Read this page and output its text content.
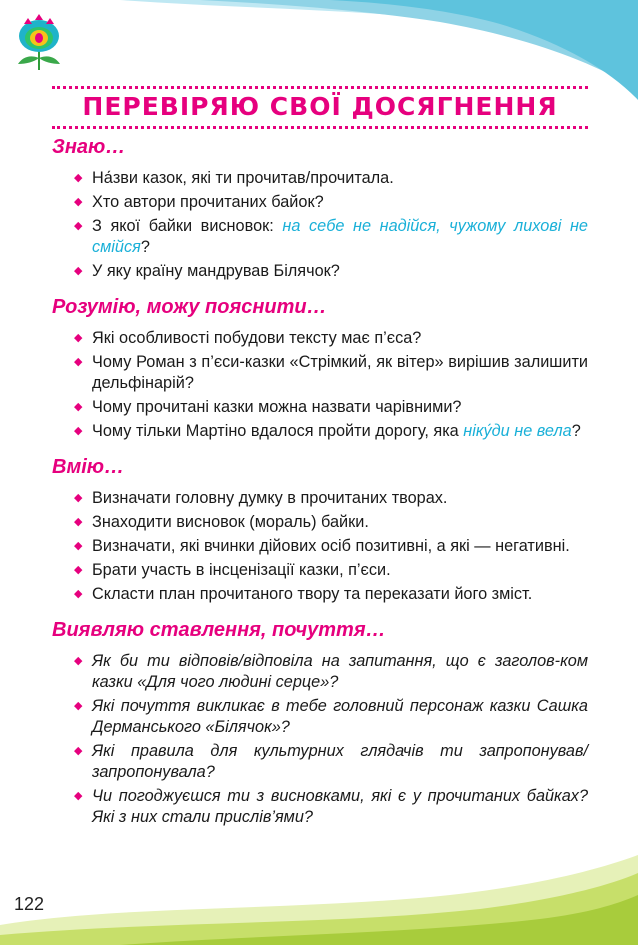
ПЕРЕВІРЯЮ СВОЇ ДОСЯГНЕННЯ
Знаю…
◆ На́зви казок, які ти прочитав/прочитала.
◆ Хто автори прочитаних байок?
◆ З якої байки висновок: на себе не надійся, чужому лихові не смійся?
◆ У яку країну мандрував Білячок?
Розумію, можу пояснити…
◆ Які особливості побудови тексту має п’єса?
◆ Чому Роман з п’єси-казки «Стрімкий, як вітер» вирішив залишити дельфінарій?
◆ Чому прочитані казки можна назвати чарівними?
◆ Чому тільки Мартіно вдалося пройти дорогу, яка ніку́ди не вела?
Вмію…
◆ Визначати головну думку в прочитаних творах.
◆ Знаходити висновок (мораль) байки.
◆ Визначати, які вчинки дійових осіб позитивні, а які — негативні.
◆ Брати участь в інсценізації казки, п’єси.
◆ Скласти план прочитаного твору та переказати його зміст.
Виявляю ставлення, почуття…
◆ Як би ти відповів/відповіла на запитання, що є заголов-ком казки «Для чого людині серце»?
◆ Які почуття викликає в тебе головний персонаж казки Сашка Дерманського «Білячок»?
◆ Які правила для культурних глядачів ти запропонував/запропонувала?
◆ Чи погоджуєшся ти з висновками, які є у прочитаних байках? Які з них стали прислів’ями?
122
